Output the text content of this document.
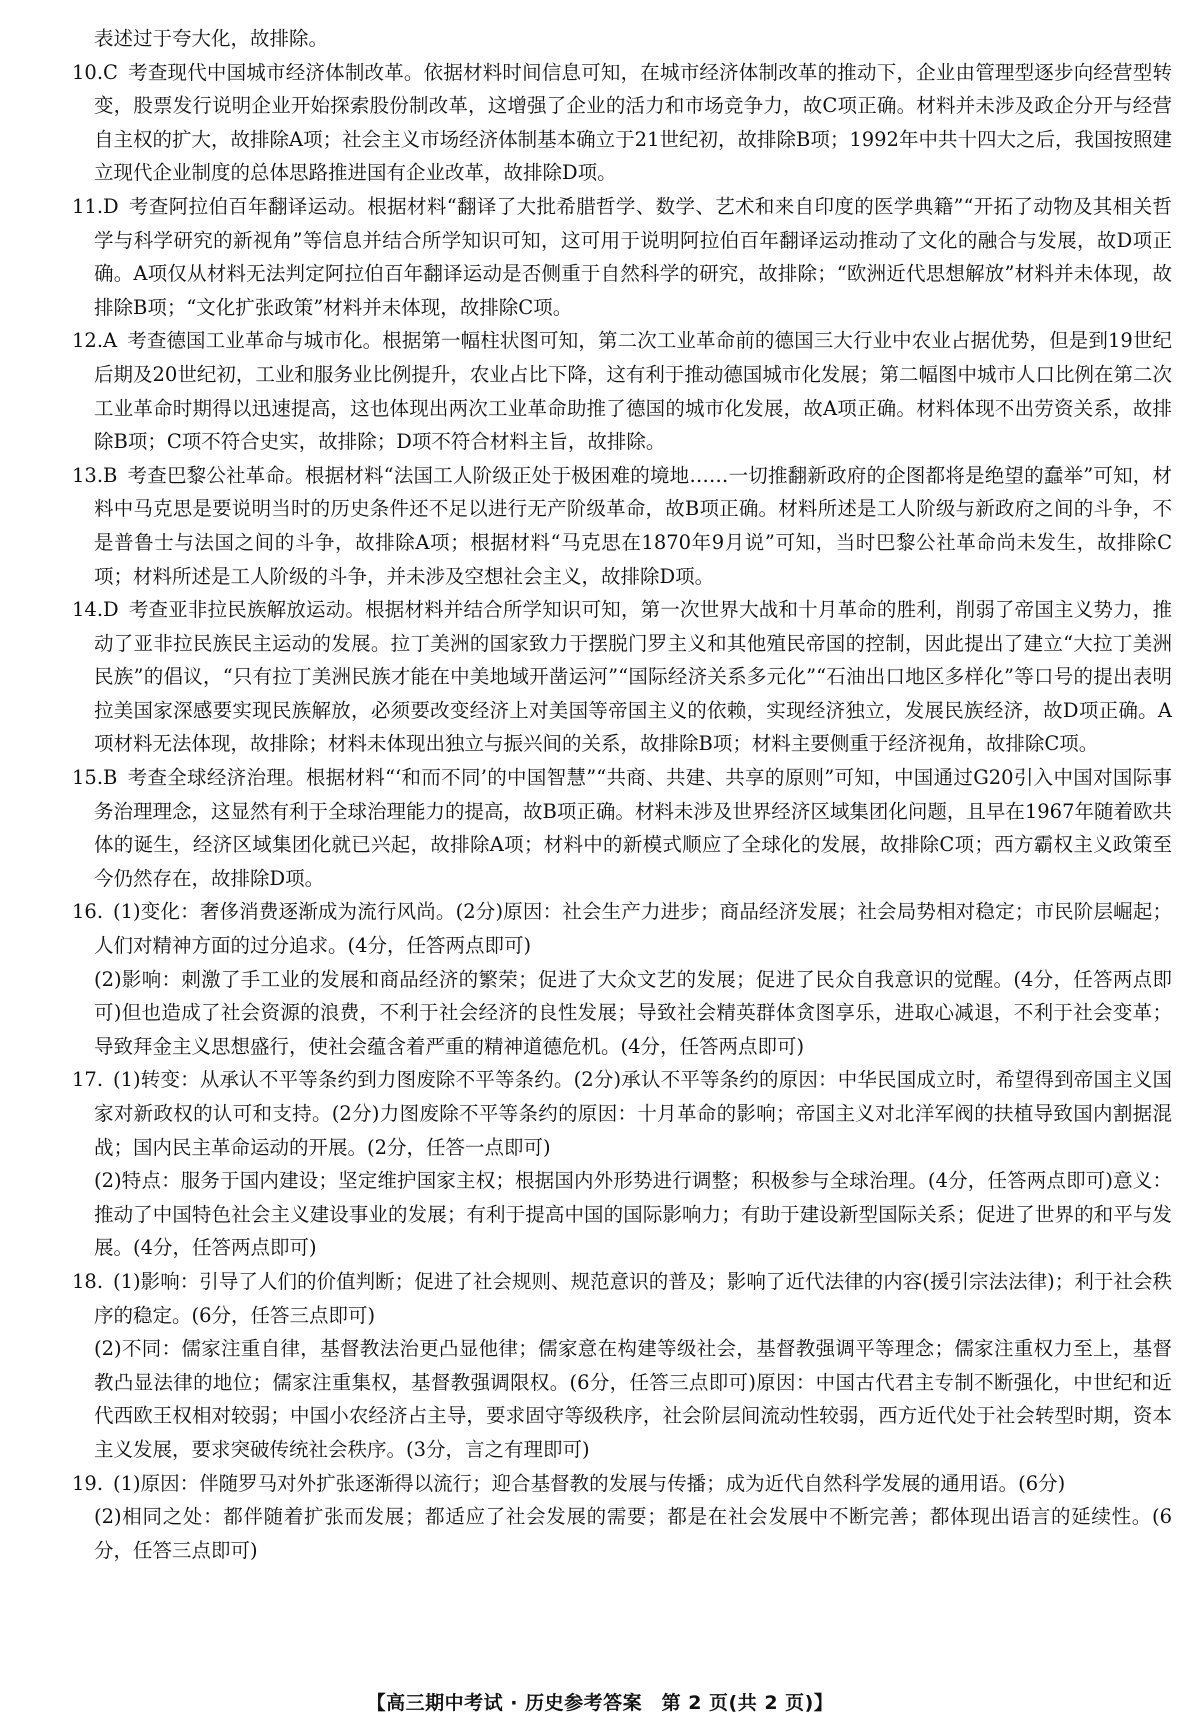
表述过于夸大化，故排除。

10.C 考查现代中国城市经济体制改革。依据材料时间信息可知，在城市经济体制改革的推动下，企业由管理型逐步向经营型转变，股票发行说明企业开始探索股份制改革，这增强了企业的活力和市场竞争力，故C项正确。材料并未涉及政企分开与经营自主权的扩大，故排除A项；社会主义市场经济体制基本确立于21世纪初，故排除B项；1992年中共十四大之后，我国按照建立现代企业制度的总体思路推进国有企业改革，故排除D项。

11.D 考查阿拉伯百年翻译运动。根据材料“翻译了大批希腊哲学、数学、艺术和来自印度的医学典籍”“开拓了动物及其相关哲学与科学研究的新视角”等信息并结合所学知识可知，这可用于说明阿拉伯百年翻译运动推动了文化的融合与发展，故D项正确。A项仅从材料无法判定阿拉伯百年翻译运动是否侧重于自然科学的研究，故排除；“欧洲近代思想解放”材料并未体现，故排除B项；“文化扩张政策”材料并未体现，故排除C项。

12.A 考查德国工业革命与城市化。根据第一幅柱状图可知，第二次工业革命前的德国三大行业中农业占据优势，但是到19世纪后期及20世纪初，工业和服务业比例提升，农业占比下降，这有利于推动德国城市化发展；第二幅图中城市人口比例在第二次工业革命时期得以迅速提高，这也体现出两次工业革命助推了德国的城市化发展，故A项正确。材料体现不出劳资关系，故排除B项；C项不符合史实，故排除；D项不符合材料主旨，故排除。

13.B 考查巴黎公社革命。根据材料“法国工人阶级正处于极困难的境地……一切推翻新政府的企图都将是绝望的蠢举”可知，材料中马克思是要说明当时的历史条件还不足以进行无产阶级革命，故B项正确。材料所述是工人阶级与新政府之间的斗争，不是普鲁士与法国之间的斗争，故排除A项；根据材料“马克思在1870年9月说”可知，当时巴黎公社革命尚未发生，故排除C项；材料所述是工人阶级的斗争，并未涉及空想社会主义，故排除D项。

14.D 考查亚非拉民族解放运动。根据材料并结合所学知识可知，第一次世界大战和十月革命的胜利，削弱了帝国主义势力，推动了亚非拉民族民主运动的发展。拉丁美洲的国家致力于摆脱门罗主义和其他殖民帝国的控制，因此提出了建立“大拉丁美洲民族”的倡议，“只有拉丁美洲民族才能在中美地域开凿运河”“国际经济关系多元化”“石油出口地区多样化”等口号的提出表明拉美国家深感要实现民族解放，必须要改变经济上对美国等帝国主义的依赖，实现经济独立，发展民族经济，故D项正确。A项材料无法体现，故排除；材料未体现出独立与振兴间的关系，故排除B项；材料主要侧重于经济视角，故排除C项。

15.B 考查全球经济治理。根据材料“‘和而不同’的中国智慧”“共商、共建、共享的原则”可知，中国通过G20引入中国对国际事务治理理念，这显然有利于全球治理能力的提高，故B项正确。材料未涉及世界经济区域集团化问题，且早在1967年随着欧共体的诞生，经济区域集团化就已兴起，故排除A项；材料中的新模式顺应了全球化的发展，故排除C项；西方霸权主义政策至今仍然存在，故排除D项。

16. (1)变化：奢侈消费逐渐成为流行风尚。(2分)原因：社会生产力进步；商品经济发展；社会局势相对稳定；市民阶层崛起；人们对精神方面的过分追求。(4分，任答两点即可)

(2)影响：刺激了手工业的发展和商品经济的繁荣；促进了大众文艺的发展；促进了民众自我意识的觉醒。(4分，任答两点即可)但也造成了社会资源的浪费，不利于社会经济的良性发展；导致社会精英群体贪图享乐，进取心减退，不利于社会变革；导致拜金主义思想盛行，使社会蕴含着严重的精神道德危机。(4分，任答两点即可)

17. (1)转变：从承认不平等条约到力图废除不平等条约。(2分)承认不平等条约的原因：中华民国成立时，希望得到帝国主义国家对新政权的认可和支持。(2分)力图废除不平等条约的原因：十月革命的影响；帝国主义对北洋军阀的扶植导致国内割据混战；国内民主革命运动的开展。(2分，任答一点即可)

(2)特点：服务于国内建设；坚定维护国家主权；根据国内外形势进行调整；积极参与全球治理。(4分，任答两点即可)意义：推动了中国特色社会主义建设事业的发展；有利于提高中国的国际影响力；有助于建设新型国际关系；促进了世界的和平与发展。(4分，任答两点即可)

18. (1)影响：引导了人们的价值判断；促进了社会规则、规范意识的普及；影响了近代法律的内容(援引宗法法律)；利于社会秩序的稳定。(6分，任答三点即可)

(2)不同：儒家注重自律，基督教法治更凸显他律；儒家意在构建等级社会，基督教强调平等理念；儒家注重权力至上，基督教凸显法律的地位；儒家注重集权，基督教强调限权。(6分，任答三点即可)原因：中国古代君主专制不断强化，中世纪和近代西欧王权相对较弱；中国小农经济占主导，要求固守等级秩序，社会阶层间流动性较弱，西方近代处于社会转型时期，资本主义发展，要求突破传统社会秩序。(3分，言之有理即可)

19. (1)原因：伴随罗马对外扩张逐渐得以流行；迎合基督教的发展与传播；成为近代自然科学发展的通用语。(6分)

(2)相同之处：都伴随着扩张而发展；都适应了社会发展的需要；都是在社会发展中不断完善；都体现出语言的延续性。(6分，任答三点即可)

【高三期中考试 · 历史参考答案　第 2 页(共 2 页)】
